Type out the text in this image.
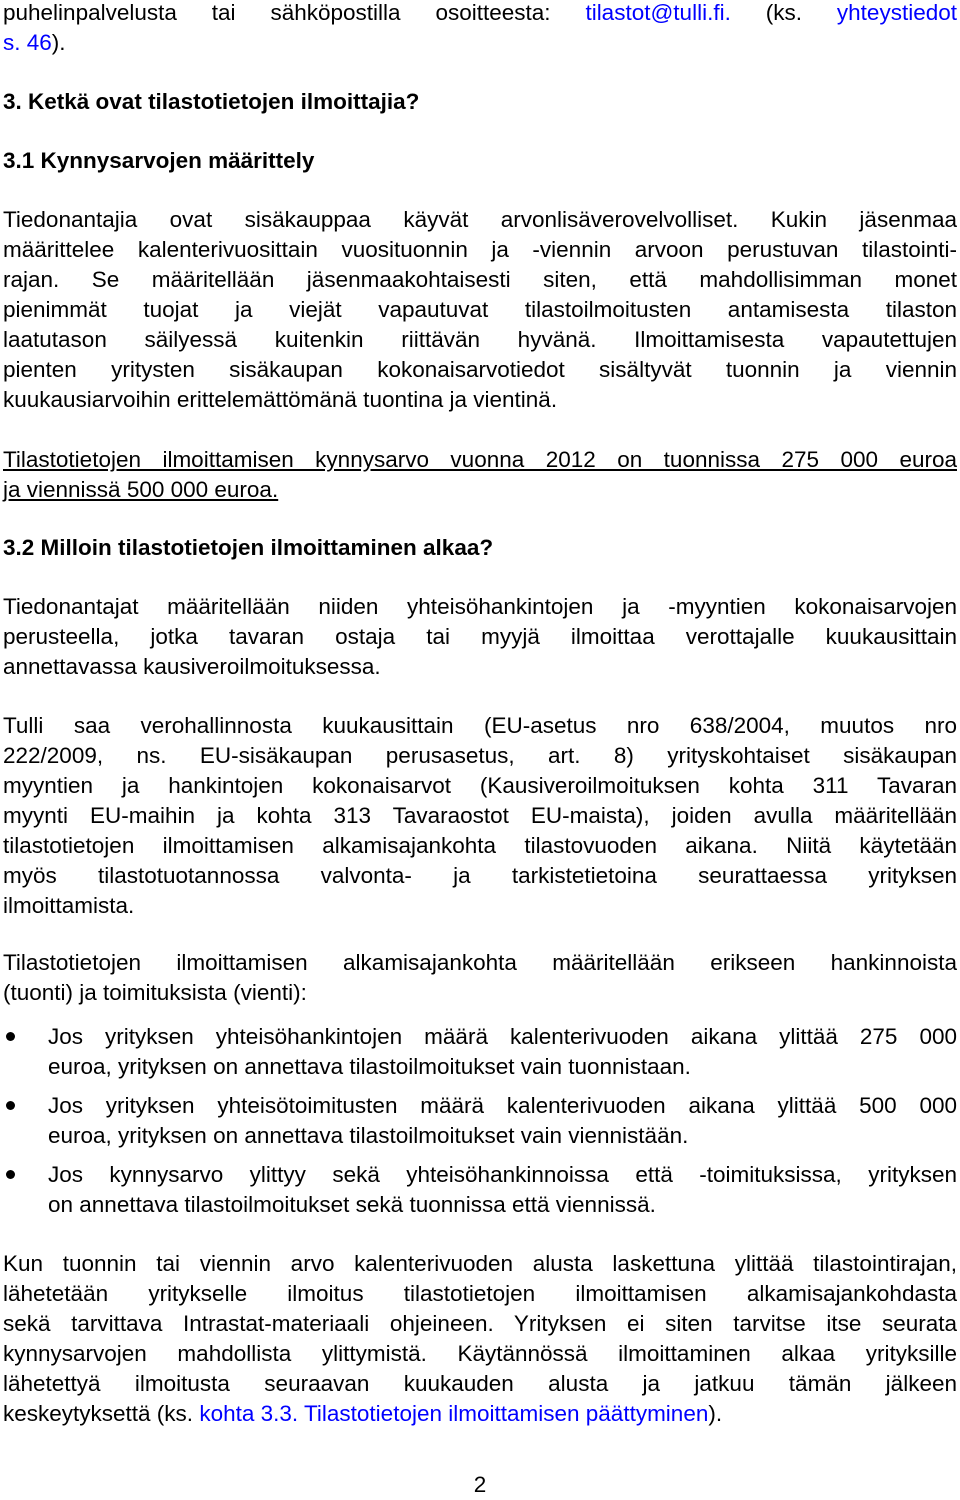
puhelinpalvelusta tai sähköpostilla osoitteesta: tilastot@tulli.fi. (ks. yhteystiedot
s. 46).
3. Ketkä ovat tilastotietojen ilmoittajia?
3.1 Kynnysarvojen määrittely
Tiedonantajia ovat sisäkauppaa käyvät arvonlisäverovelvolliset. Kukin jäsenmaa
määrittelee kalenterivuosittain vuosituonnin ja -viennin arvoon perustuvan tilastointi-
rajan. Se määritellään jäsenmaakohtaisesti siten, että mahdollisimman monet
pienimmät tuojat ja viejät vapautuvat tilastoilmoitusten antamisesta tilaston
laatutason säilyessä kuitenkin riittävän hyvänä. Ilmoittamisesta vapautettujen
pienten yritysten sisäkaupan kokonaisarvotiedot sisältyvät tuonnin ja viennin
kuukausiarvoihin erittelemättömänä tuontina ja vientinä.
Tilastotietojen ilmoittamisen kynnysarvo vuonna 2012 on tuonnissa 275 000 euroa
ja viennissä 500 000 euroa.
3.2 Milloin tilastotietojen ilmoittaminen alkaa?
Tiedonantajat määritellään niiden yhteisöhankintojen ja -myyntien kokonaisarvojen
perusteella, jotka tavaran ostaja tai myyjä ilmoittaa verottajalle kuukausittain
annettavassa kausiveroilmoituksessa.
Tulli saa verohallinnosta kuukausittain (EU-asetus nro 638/2004, muutos nro
222/2009, ns. EU-sisäkaupan perusasetus, art. 8) yrityskohtaiset sisäkaupan
myyntien ja hankintojen kokonaisarvot (Kausiveroilmoituksen kohta 311 Tavaran
myynti EU-maihin ja kohta 313 Tavaraostot EU-maista), joiden avulla määritellään
tilastotietojen ilmoittamisen alkamisajankohta tilastovuoden aikana. Niitä käytetään
myös tilastotuotannossa valvonta- ja tarkistetietoina seurattaessa yrityksen
ilmoittamista.
Tilastotietojen ilmoittamisen alkamisajankohta määritellään erikseen hankinnoista
(tuonti) ja toimituksista (vienti):
Jos yrityksen yhteisöhankintojen määrä kalenterivuoden aikana ylittää 275 000
euroa, yrityksen on annettava tilastoilmoitukset vain tuonnistaan.
Jos yrityksen yhteisötoimitusten määrä kalenterivuoden aikana ylittää 500 000
euroa, yrityksen on annettava tilastoilmoitukset vain viennistään.
Jos kynnysarvo ylittyy sekä yhteisöhankinnoissa että -toimituksissa, yrityksen
on annettava tilastoilmoitukset sekä tuonnissa että viennissä.
Kun tuonnin tai viennin arvo kalenterivuoden alusta laskettuna ylittää tilastointirajan,
lähetetään yritykselle ilmoitus tilastotietojen ilmoittamisen alkamisajankohdasta
sekä tarvittava Intrastat-materiaali ohjeineen. Yrityksen ei siten tarvitse itse seurata
kynnysarvojen mahdollista ylittymistä. Käytännössä ilmoittaminen alkaa yrityksille
lähetettyä ilmoitusta seuraavan kuukauden alusta ja jatkuu tämän jälkeen
keskeytyksettä (ks. kohta 3.3. Tilastotietojen ilmoittamisen päättyminen).
2
